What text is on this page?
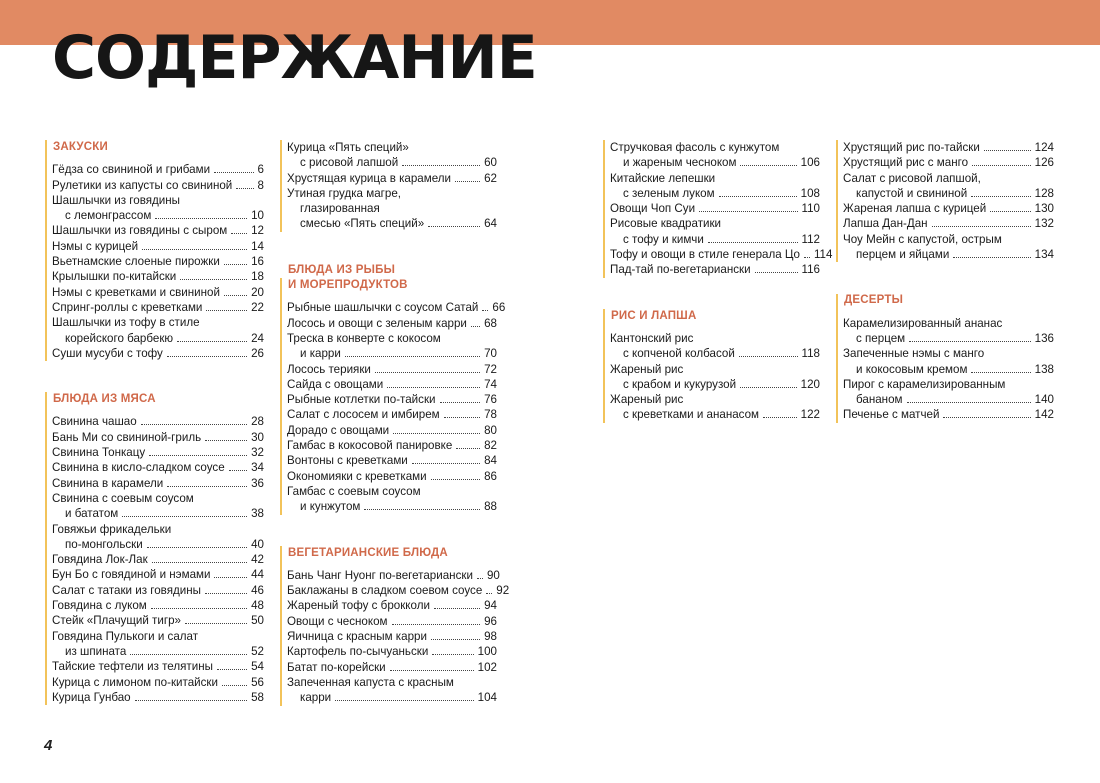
СОДЕРЖАНИЕ
ЗАКУСКИ
Гёдза со свининой и грибами	6
Рулетики из капусты со свининой 8
Шашлычки из говядины
с лемонграссом	10
Шашлычки из говядины с сыром 12
Нэмы с курицей	14
Вьетнамские слоеные пирожки	16
Крылышки по-китайски	18
Нэмы с креветками и свининой	20
Спринг-роллы с креветками	22
Шашлычки из тофу в стиле
корейского барбекю	24
Суши мусуби с тофу	26
БЛЮДА ИЗ МЯСА
Свинина чашао	28
Бань Ми со свининой-гриль	30
Свинина Тонкацу	32
Свинина в кисло-сладком соусе 34
Свинина в карамели	36
Свинина с соевым соусом
и бататом	38
Говяжьи фрикадельки
по-монгольски	40
Говядина Лок-Лак	42
Бун Бо с говядиной и нэмами	44
Салат с татаки из говядины	46
Говядина с луком	48
Стейк «Плачущий тигр»	50
Говядина Пулькоги и салат
из шпината	52
Тайские тефтели из телятины	54
Курица с лимоном по-китайски	56
Курица Гунбао	58
Курица «Пять специй»
с рисовой лапшой	60
Хрустящая курица в карамели	62
Утиная грудка магре,
глазированная
смесью «Пять специй»	64
БЛЮДА ИЗ РЫБЫ
И МОРЕПРОДУКТОВ
Рыбные шашлычки с соусом Сатай 66
Лосось и овощи с зеленым карри 68
Треска в конверте с кокосом
и карри	70
Лосось терияки	72
Сайда с овощами	74
Рыбные котлетки по-тайски	76
Салат с лососем и имбирем	78
Дорадо с овощами	80
Гамбас в кокосовой панировке	82
Вонтоны с креветками	84
Окономияки с креветками	86
Гамбас с соевым соусом
и кунжутом	88
ВЕГЕТАРИАНСКИЕ БЛЮДА
Бань Чанг Нуонг по-вегетариански 90
Баклажаны в сладком соевом соусе 92
Жареный тофу с брокколи	94
Овощи с чесноком	96
Яичница с красным карри	98
Картофель по-сычуаньски	100
Батат по-корейски	102
Запеченная капуста с красным
карри	104
Стручковая фасоль с кунжутом
и жареным чесноком	106
Китайские лепешки
с зеленым луком	108
Овощи Чоп Суи	110
Рисовые квадратики
с тофу и кимчи	112
Тофу и овощи в стиле генерала Цо 114
Пад-тай по-вегетариански	116
РИС И ЛАПША
Кантонский рис
с копченой колбасой	118
Жареный рис
с крабом и кукурузой	120
Жареный рис
с креветками и ананасом	122
Хрустящий рис по-тайски	124
Хрустящий рис с манго	126
Салат с рисовой лапшой,
капустой и свининой	128
Жареная лапша с курицей	130
Лапша Дан-Дан	132
Чоу Мейн с капустой, острым
перцем и яйцами	134
ДЕСЕРТЫ
Карамелизированный ананас
с перцем	136
Запеченные нэмы с манго
и кокосовым кремом	138
Пирог с карамелизированным
бананом	140
Печенье с матчей	142
4
